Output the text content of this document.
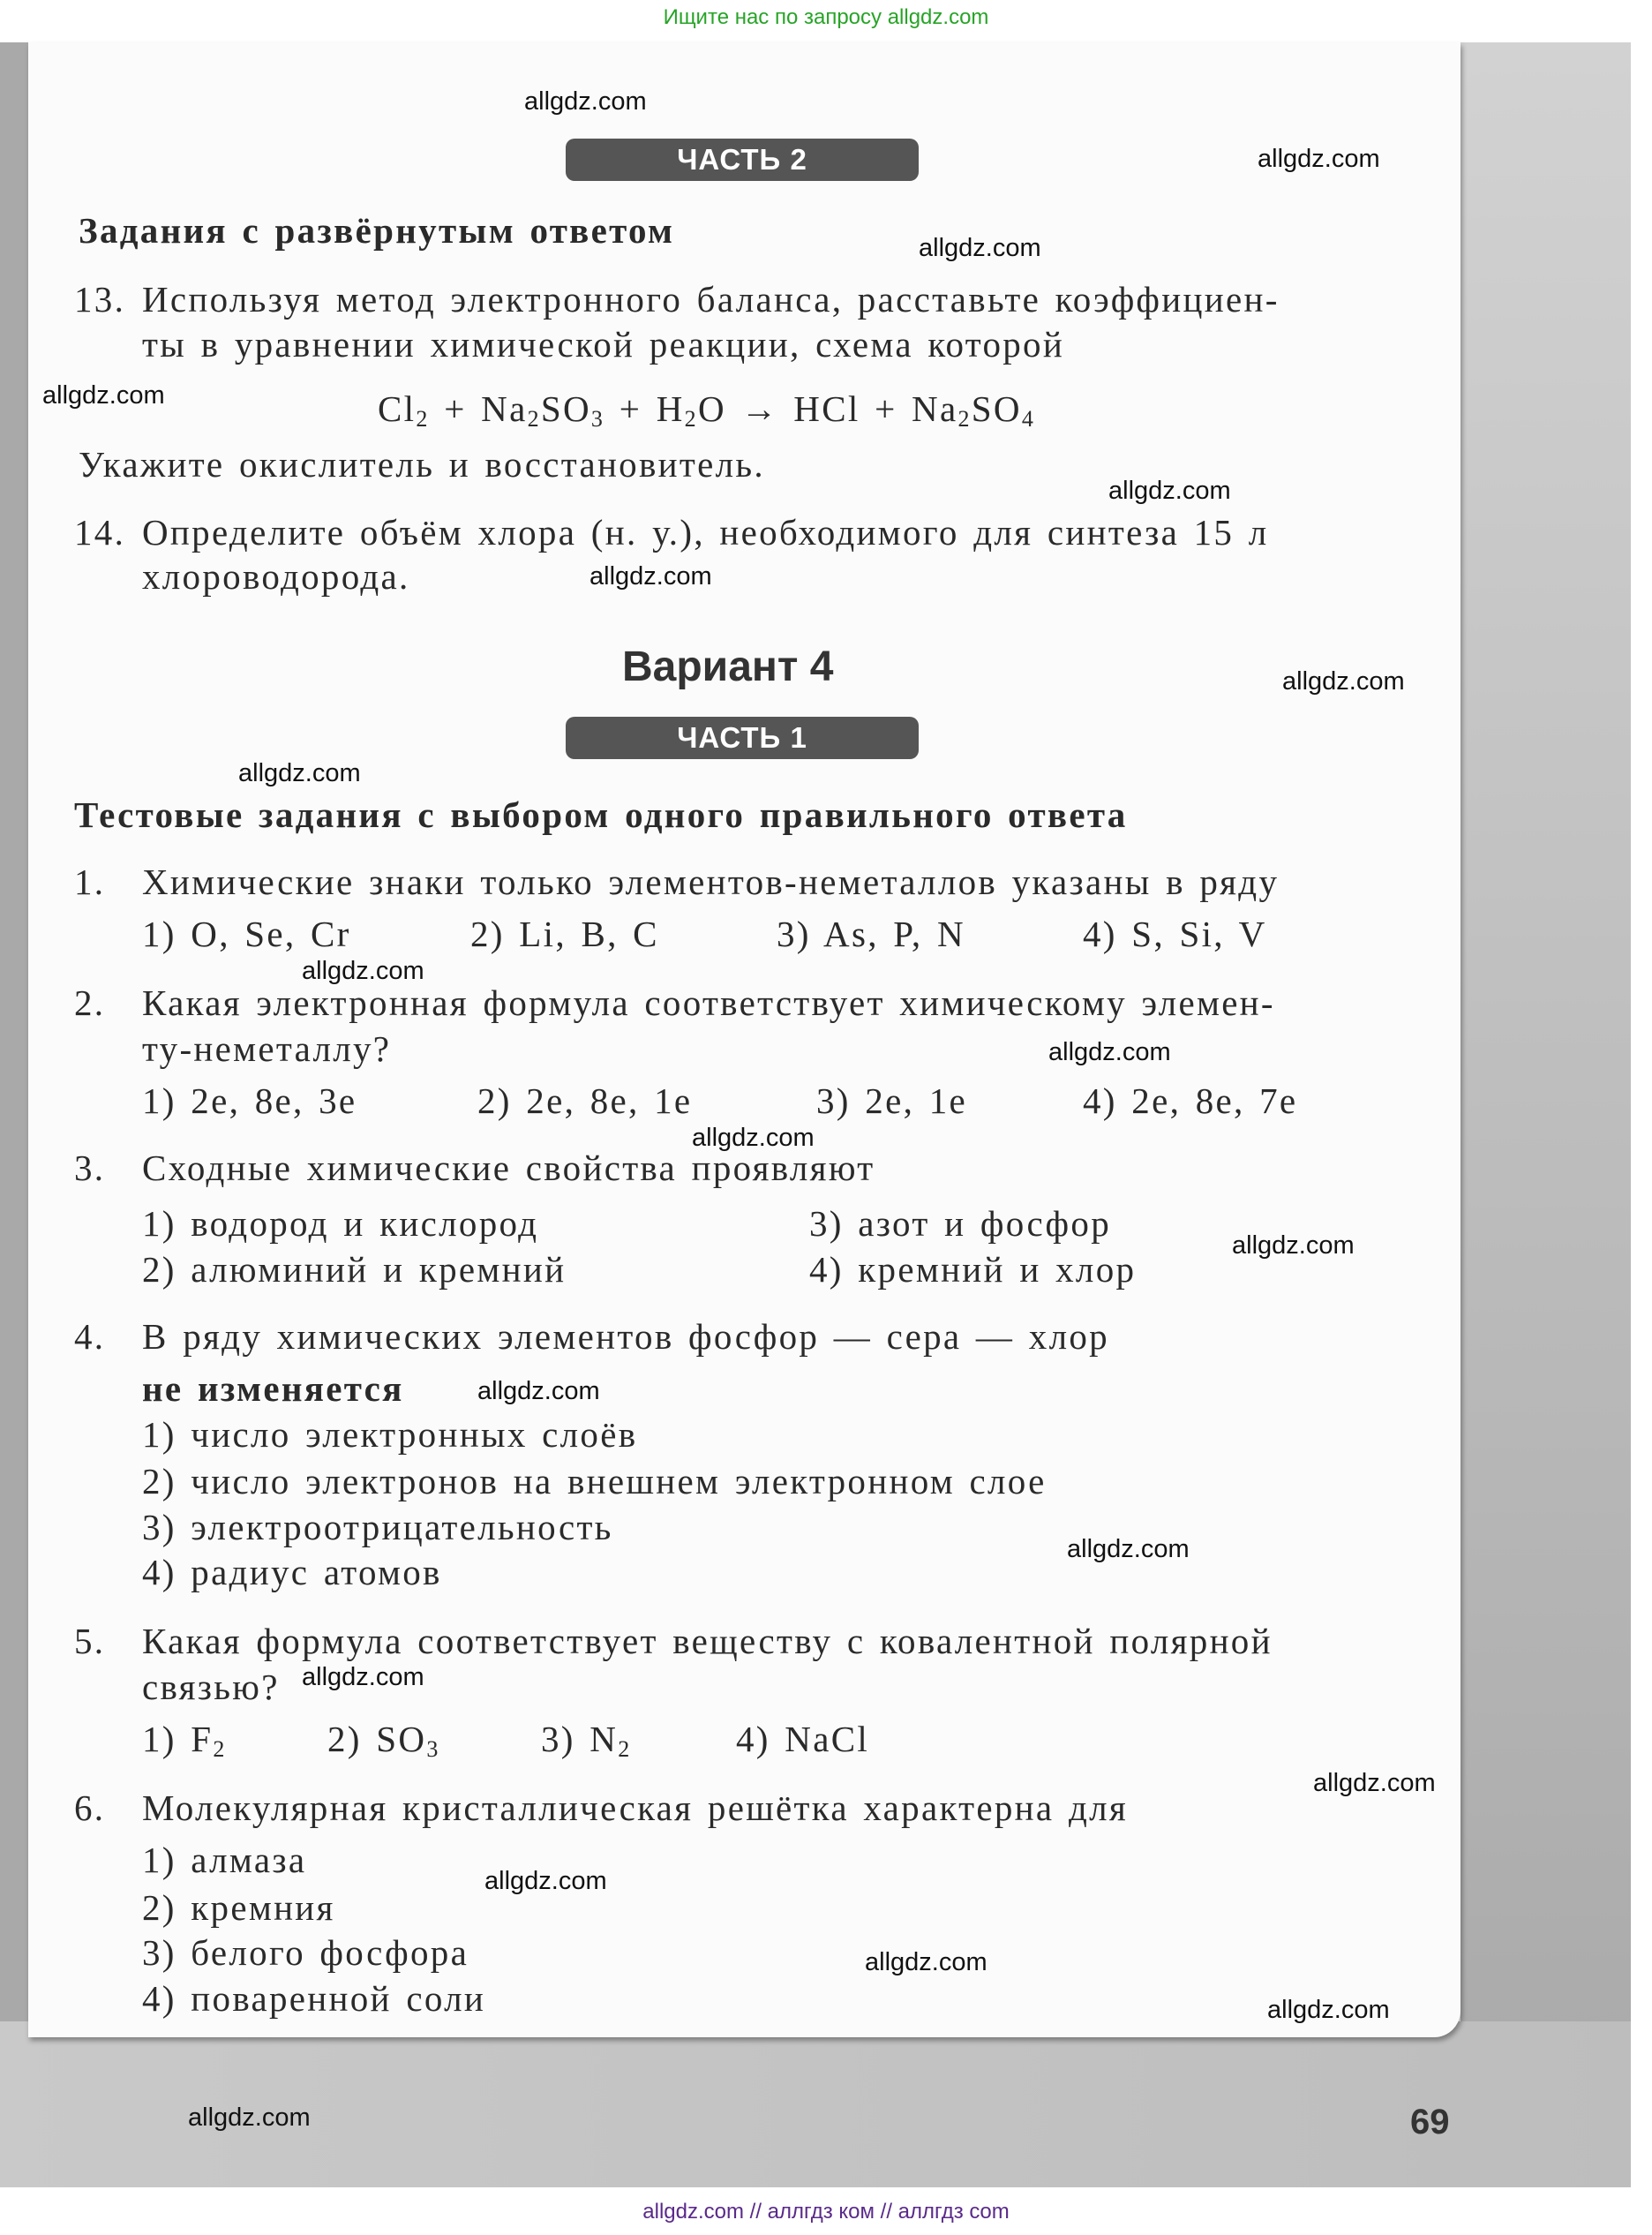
Ищите нас по запросу allgdz.com
ЧАСТЬ 2
Задания с развёрнутым ответом
13. Используя метод электронного баланса, расставьте коэффициен-
ты в уравнении химической реакции, схема которой
$Cl_2 + Na_2SO_3 + H_2O$ → HCl + $Na_2SO_4$
Укажите окислитель и восстановитель.
14. Определите объём хлора (н. у.), необходимого для синтеза 15 л
хлороводорода.
Вариант 4
ЧАСТЬ 1
Тестовые задания с выбором одного правильного ответа
1. Химические знаки только элементов-неметаллов указаны в ряду
1) O, Se, Cr	2) Li, B, C	3) As, P, N	4) S, Si, V
2. Какая электронная формула соответствует химическому элемен-
ту-неметаллу?
1) 2e, 8e, 3e	2) 2e, 8e, 1e	3) 2e, 1e	4) 2e, 8e, 7e
3. Сходные химические свойства проявляют
1) водород и кислород
2) алюминий и кремний
3) азот и фосфор
4) кремний и хлор
4. В ряду химических элементов фосфор — сера — хлор
не изменяется
1) число электронных слоёв
2) число электронов на внешнем электронном слое
3) электроотрицательность
4) радиус атомов
5. Какая формула соответствует веществу с ковалентной полярной
связью?
1) $F_2$	2) $SO_3$	3) $N_2$	4) NaCl
6. Молекулярная кристаллическая решётка характерна для
1) алмаза
2) кремния
3) белого фосфора
4) поваренной соли
69
allgdz.com
allgdz.com
allgdz.com
allgdz.com
allgdz.com
allgdz.com
allgdz.com
allgdz.com
allgdz.com
allgdz.com
allgdz.com
allgdz.com
allgdz.com
allgdz.com
allgdz.com
allgdz.com
allgdz.com
allgdz.com
allgdz.com
allgdz.com
allgdz.com // аллгдз ком // аллгдз com
